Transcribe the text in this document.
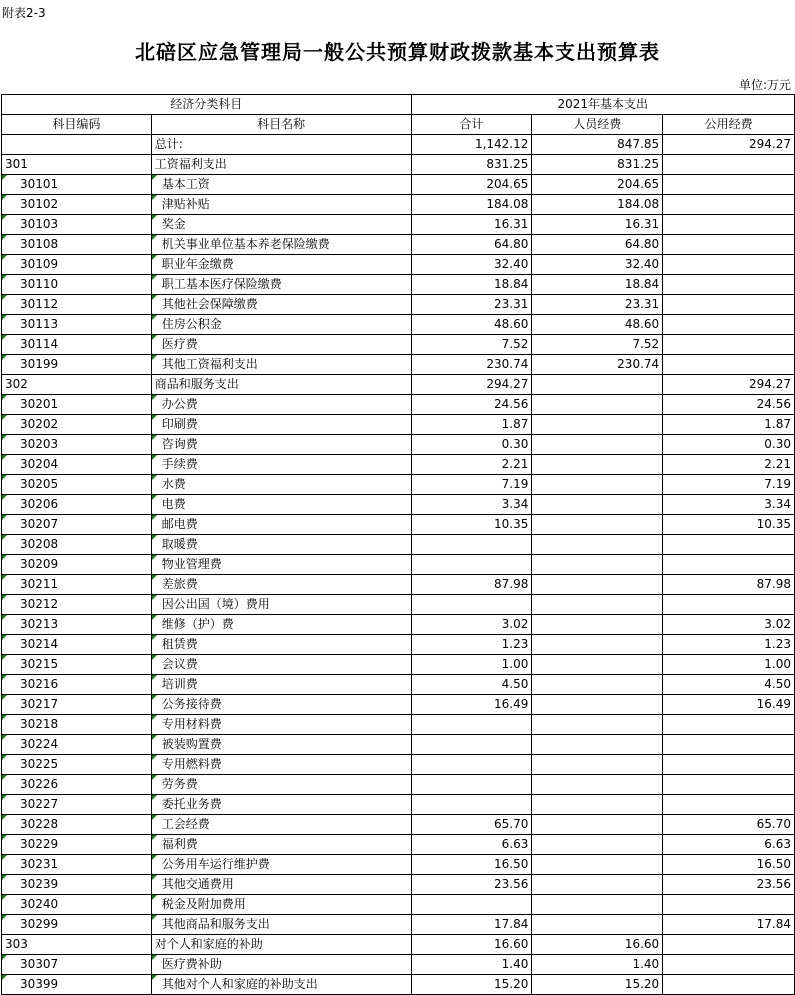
附表2-3
北碚区应急管理局一般公共预算财政拨款基本支出预算表
单位:万元
经济分类科目		2021年基本支出		
科目编码	科目名称	合计	人员经费	公用经费
	总计:	1,142.12	847.85	294.27
301	工资福利支出	831.25	831.25	
30101	基本工资	204.65	204.65	
30102	津贴补贴	184.08	184.08	
30103	奖金	16.31	16.31	
30108	机关事业单位基本养老保险缴费	64.80	64.80	
30109	职业年金缴费	32.40	32.40	
30110	职工基本医疗保险缴费	18.84	18.84	
30112	其他社会保障缴费	23.31	23.31	
30113	住房公积金	48.60	48.60	
30114	医疗费	7.52	7.52	
30199	其他工资福利支出	230.74	230.74	
302	商品和服务支出	294.27		294.27
30201	办公费	24.56		24.56
30202	印刷费	1.87		1.87
30203	咨询费	0.30		0.30
30204	手续费	2.21		2.21
30205	水费	7.19		7.19
30206	电费	3.34		3.34
30207	邮电费	10.35		10.35
30208	取暖费			
30209	物业管理费			
30211	差旅费	87.98		87.98
30212	因公出国（境）费用			
30213	维修（护）费	3.02		3.02
30214	租赁费	1.23		1.23
30215	会议费	1.00		1.00
30216	培训费	4.50		4.50
30217	公务接待费	16.49		16.49
30218	专用材料费			
30224	被装购置费			
30225	专用燃料费			
30226	劳务费			
30227	委托业务费			
30228	工会经费	65.70		65.70
30229	福利费	6.63		6.63
30231	公务用车运行维护费	16.50		16.50
30239	其他交通费用	23.56		23.56
30240	税金及附加费用			
30299	其他商品和服务支出	17.84		17.84
303	对个人和家庭的补助	16.60	16.60	
30307	医疗费补助	1.40	1.40	
30399	其他对个人和家庭的补助支出	15.20	15.20	
